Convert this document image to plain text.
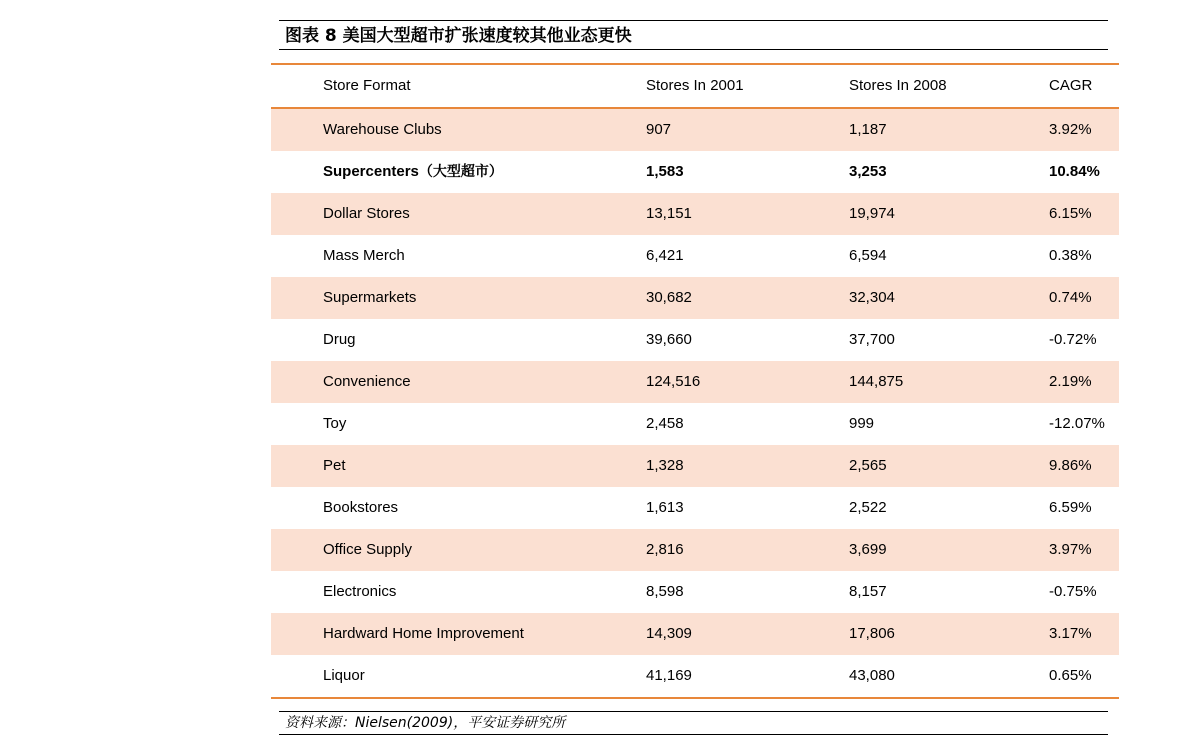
图表 8 美国大型超市扩张速度较其他业态更快
Store Format	Stores In 2001	Stores In 2008	CAGR
Warehouse Clubs	907	1,187	3.92%
Supercenters（大型超市）	1,583	3,253	10.84%
Dollar Stores	13,151	19,974	6.15%
Mass Merch	6,421	6,594	0.38%
Supermarkets	30,682	32,304	0.74%
Drug	39,660	37,700	-0.72%
Convenience	124,516	144,875	2.19%
Toy	2,458	999	-12.07%
Pet	1,328	2,565	9.86%
Bookstores	1,613	2,522	6.59%
Office Supply	2,816	3,699	3.97%
Electronics	8,598	8,157	-0.75%
Hardward Home Improvement	14,309	17,806	3.17%
Liquor	41,169	43,080	0.65%
资料来源：Nielsen(2009)，平安证券研究所
